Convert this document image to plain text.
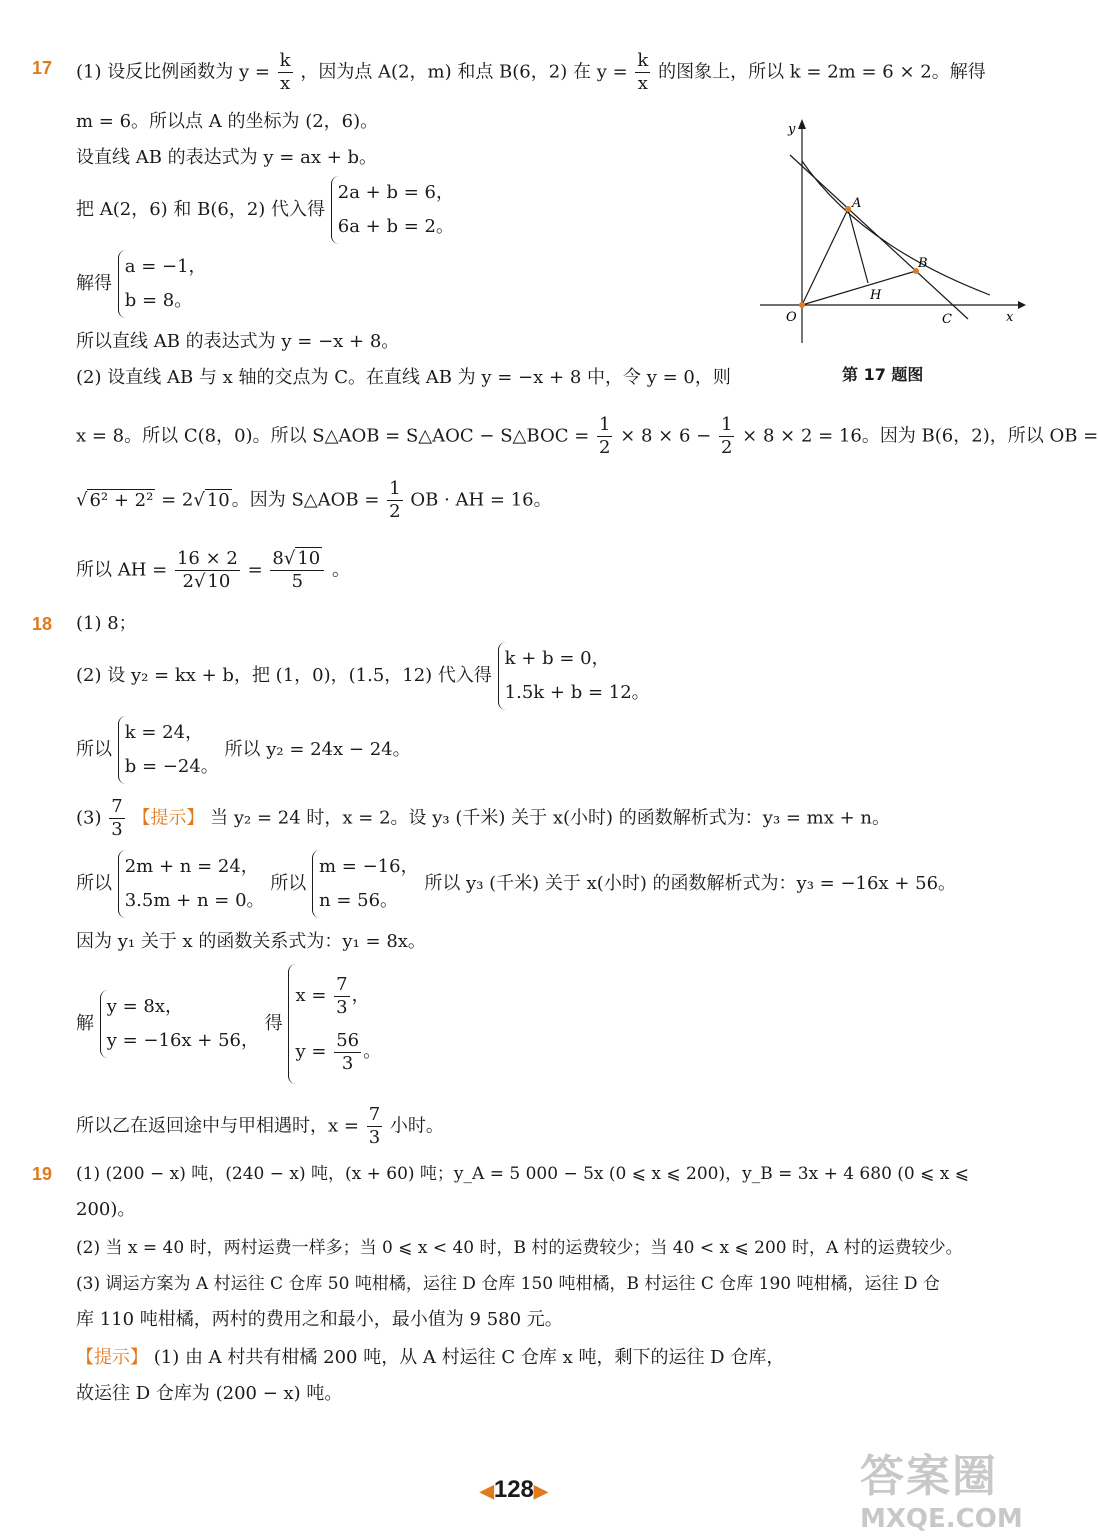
17 (1) 设反比例函数为 $y = \frac{k}{x}$ ，因为点 A(2，m) 和点 B(6，2) 在 $y = \frac{k}{x}$ 的图象上，所以 k = 2m = 6 × 2。解得
m = 6。所以点 A 的坐标为 (2，6)。
设直线 AB 的表达式为 y = ax + b。
把 A(2，6) 和 B(6，2) 代入得
2a + b = 6，
6a + b = 2。
解得
a = −1，
b = 8。
所以直线 AB 的表达式为 y = −x + 8。
(2) 设直线 AB 与 x 轴的交点为 C。在直线 AB 为 y = −x + 8 中，令 y = 0，则
x = 8。所以 C(8，0)。所以 S△AOB = S△AOC − S△BOC = $\frac{1}{2} \times 8 \times 6 - \frac{1}{2} \times 8 \times 2 = 16$。因为 B(6，2)，所以 OB =
√ 6² + 2² = 2√ 10 。因为 S△AOB = $\frac{1}{2}$ OB · AH = 16。
所以 AH = $\frac{16 \times 2}{2√ 10} = \frac{8√ 10}{5}$ 。
y
x
O
A
B
C
H
第 17 题图
18 (1) 8；
(2) 设 y₂ = kx + b，把 (1，0)，(1.5，12) 代入得
k + b = 0，
1.5k + b = 12。
所以
k = 24，
b = −24。
所以 y₂ = 24x − 24。
$(3) \frac{7}{3}$ 【提示】 当 y₂ = 24 时，x = 2。设 y₃ (千米) 关于 x(小时) 的函数解析式为：y₃ = mx + n。
所以
2m + n = 24，
3.5m + n = 0。
所以
m = −16，
n = 56。
所以 y₃ (千米) 关于 x(小时) 的函数解析式为：y₃ = −16x + 56。
因为 y₁ 关于 x 的函数关系式为：y₁ = 8x。
解
y = 8x，
y = −16x + 56，
得
$x = \frac{7}{3}$ ，
$y = \frac{56}{3}$ 。
所以乙在返回途中与甲相遇时，$x = \frac{7}{3}$ 小时。
19 (1) (200 − x) 吨，(240 − x) 吨，(x + 60) 吨；y_A = 5 000 − 5x (0 ⩽ x ⩽ 200)，y_B = 3x + 4 680 (0 ⩽ x ⩽
200)。
(2) 当 x = 40 时，两村运费一样多；当 0 ⩽ x < 40 时，B 村的运费较少；当 40 < x ⩽ 200 时，A 村的运费较少。
(3) 调运方案为 A 村运往 C 仓库 50 吨柑橘，运往 D 仓库 150 吨柑橘，B 村运往 C 仓库 190 吨柑橘，运往 D 仓
库 110 吨柑橘，两村的费用之和最小，最小值为 9 580 元。
【提示】 (1) 由 A 村共有柑橘 200 吨，从 A 村运往 C 仓库 x 吨，剩下的运往 D 仓库，
故运往 D 仓库为 (200 − x) 吨。
◀128▶	答案圈
MXQE.COM
